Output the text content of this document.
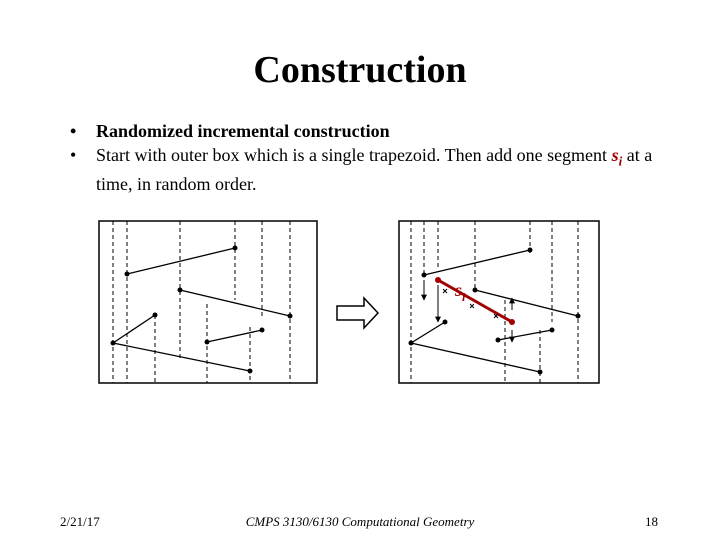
Construction
• Randomized incremental construction
• Start with outer box which is a single trapezoid. Then add one segment $s_i$ at a time, in random order.
$s_i$
2/21/17	CMPS 3130/6130 Computational Geometry	18
